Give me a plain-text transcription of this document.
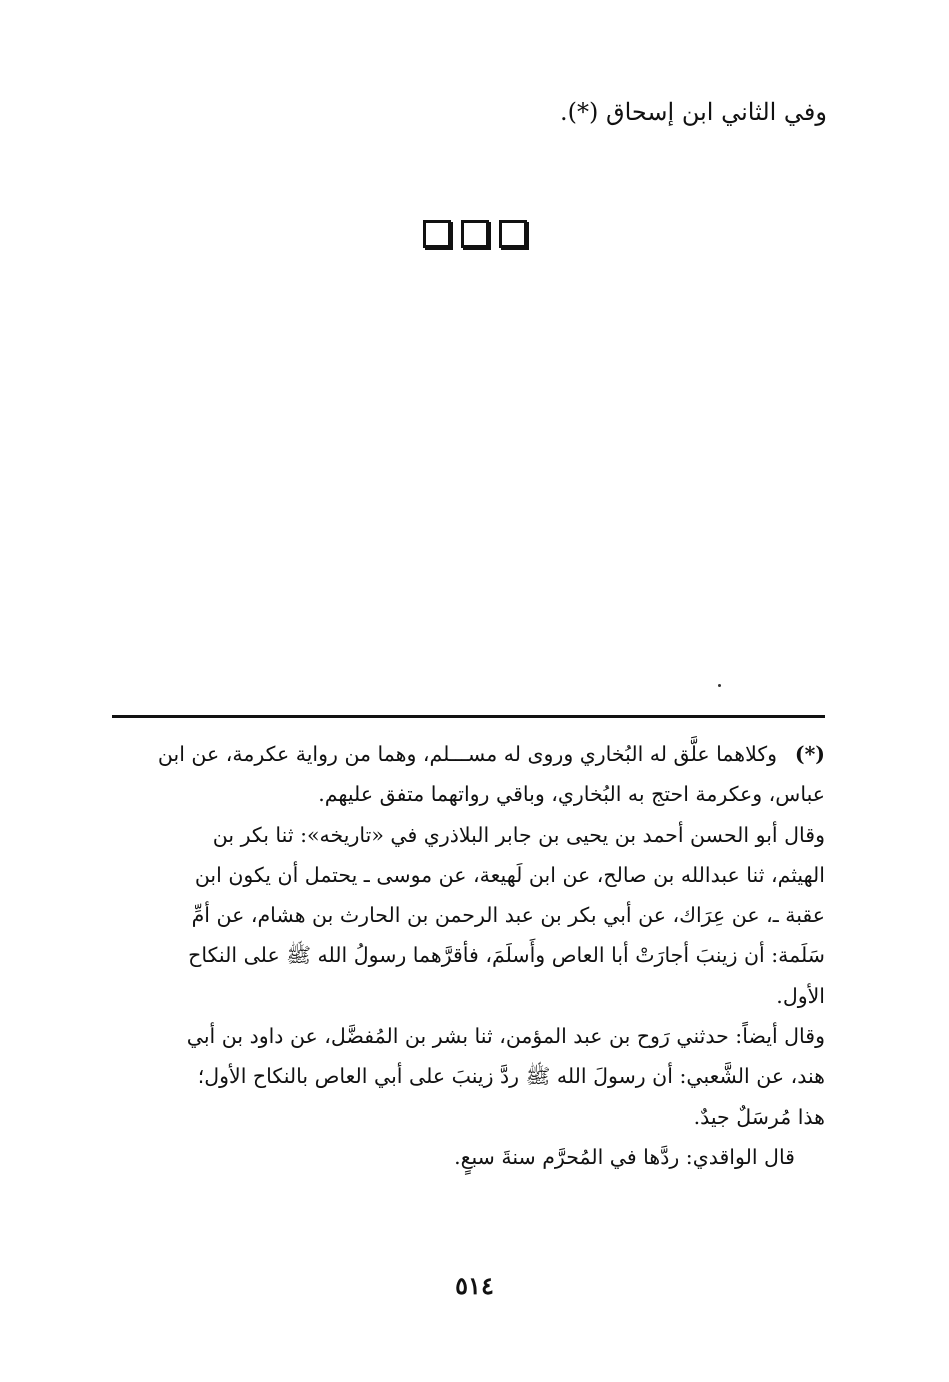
وفي الثاني ابن إسحاق (*).
(*)
وكلاهما علَّق له البُخاري وروى له مســـلم، وهما من رواية عكرمة، عن ابن
عباس، وعكرمة احتج به البُخاري، وباقي رواتهما متفق عليهم.
وقال أبو الحسن أحمد بن يحيى بن جابر البلاذري في «تاريخه»: ثنا بكر بن
الهيثم، ثنا عبدالله بن صالح، عن ابن لَهيعة، عن موسى ـ يحتمل أن يكون ابن
عقبة ـ، عن عِرَاك، عن أبي بكر بن عبد الرحمن بن الحارث بن هشام، عن أمِّ
سَلَمة: أن زينبَ أجارَتْ أبا العاص وأَسلَمَ، فأقرَّهما رسولُ الله ﷺ على النكاح
الأول.
وقال أيضاً: حدثني رَوح بن عبد المؤمن، ثنا بشر بن المُفضَّل، عن داود بن أبي
هند، عن الشَّعبي: أن رسولَ الله ﷺ ردَّ زينبَ على أبي العاص بالنكاح الأول؛
هذا مُرسَلٌ جيدٌ.
قال الواقدي: ردَّها في المُحرَّم سنةَ سبعٍ.
٥١٤
